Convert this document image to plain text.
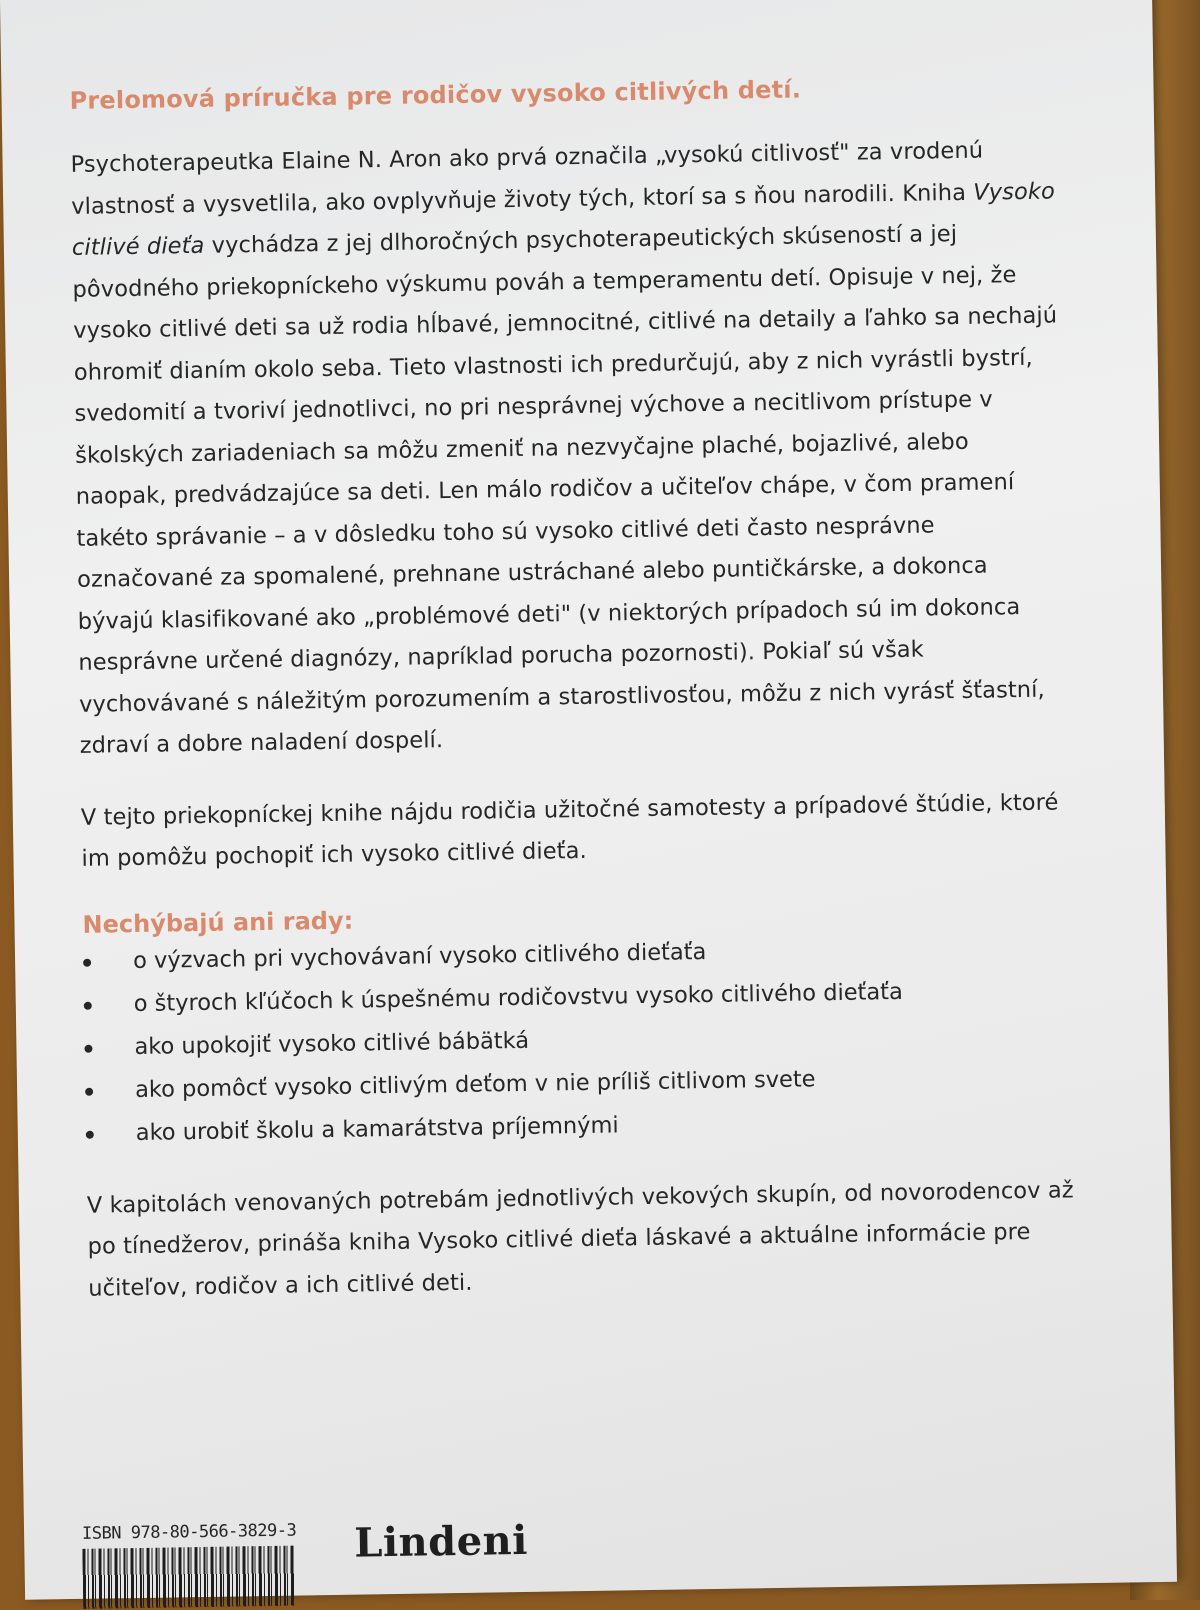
Prelomová príručka pre rodičov vysoko citlivých detí.

Psychoterapeutka Elaine N. Aron ako prvá označila „vysokú citlivosť" za vrodenú vlastnosť a vysvetlila, ako ovplyvňuje životy tých, ktorí sa s ňou narodili. Kniha Vysoko citlivé dieťa vychádza z jej dlhoročných psychoterapeutických skúseností a jej pôvodného priekopníckeho výskumu pováh a temperamentu detí. Opisuje v nej, že vysoko citlivé deti sa už rodia hĺbavé, jemnocitné, citlivé na detaily a ľahko sa nechajú ohromiť dianím okolo seba. Tieto vlastnosti ich predurčujú, aby z nich vyrástli bystrí, svedomití a tvoriví jednotlivci, no pri nesprávnej výchove a necitlivom prístupe v školských zariadeniach sa môžu zmeniť na nezvyčajne plaché, bojazlivé, alebo naopak, predvádzajúce sa deti. Len málo rodičov a učiteľov chápe, v čom pramení takéto správanie – a v dôsledku toho sú vysoko citlivé deti často nesprávne označované za spomalené, prehnane ustráchané alebo puntičkárske, a dokonca bývajú klasifikované ako „problémové deti" (v niektorých prípadoch sú im dokonca nesprávne určené diagnózy, napríklad porucha pozornosti). Pokiaľ sú však vychovávané s náležitým porozumením a starostlivosťou, môžu z nich vyrásť šťastní, zdraví a dobre naladení dospelí.

V tejto priekopníckej knihe nájdu rodičia užitočné samotesty a prípadové štúdie, ktoré im pomôžu pochopiť ich vysoko citlivé dieťa.

Nechýbajú ani rady:
o výzvach pri vychovávaní vysoko citlivého dieťaťa
o štyroch kľúčoch k úspešnému rodičovstvu vysoko citlivého dieťaťa
ako upokojiť vysoko citlivé bábätká
ako pomôcť vysoko citlivým deťom v nie príliš citlivom svete
ako urobiť školu a kamarátstva príjemnými

V kapitolách venovaných potrebám jednotlivých vekových skupín, od novorodencov až po tínedžerov, prináša kniha Vysoko citlivé dieťa láskavé a aktuálne informácie pre učiteľov, rodičov a ich citlivé deti.

ISBN 978-80-566-3829-3 Lindeni
